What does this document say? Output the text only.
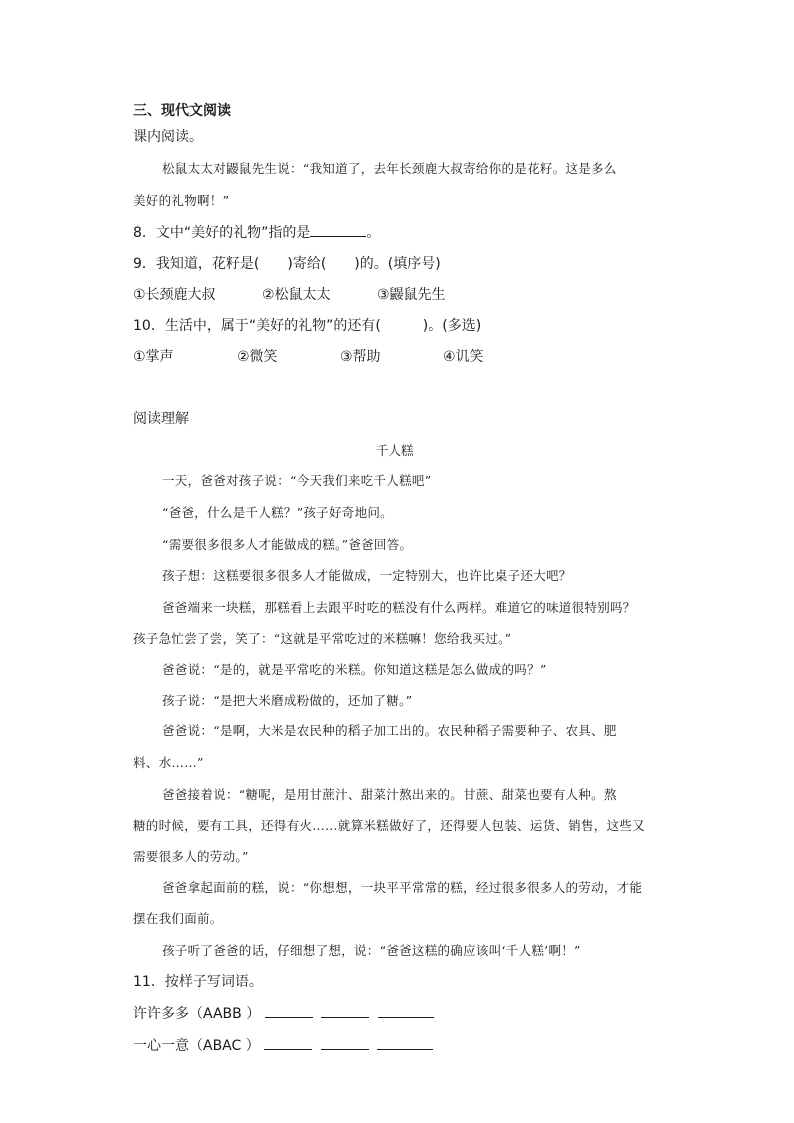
三、现代文阅读
课内阅读。
松鼠太太对鼹鼠先生说：“我知道了，去年长颈鹿大叔寄给你的是花籽。这是多么
美好的礼物啊！”
8．文中“美好的礼物”指的是	。
9．我知道，花籽是(　　)寄给(　　)的。(填序号)
①长颈鹿大叔	②松鼠太太	③鼹鼠先生
10．生活中，属于“美好的礼物”的还有(　　　)。(多选)
①掌声	②微笑	③帮助	④讥笑
阅读理解
千人糕
一天，爸爸对孩子说：“今天我们来吃千人糕吧”
“爸爸，什么是千人糕？”孩子好奇地问。
“需要很多很多人才能做成的糕。”爸爸回答。
孩子想：这糕要很多很多人才能做成，一定特别大，也许比桌子还大吧？
爸爸端来一块糕，那糕看上去跟平时吃的糕没有什么两样。难道它的味道很特别吗？
孩子急忙尝了尝，笑了：“这就是平常吃过的米糕嘛！您给我买过。”
爸爸说：“是的，就是平常吃的米糕。你知道这糕是怎么做成的吗？”
孩子说：“是把大米磨成粉做的，还加了糖。”
爸爸说：“是啊，大米是农民种的稻子加工出的。农民种稻子需要种子、农具、肥
料、水……”
爸爸接着说：“糖呢，是用甘蔗汁、甜菜汁熬出来的。甘蔗、甜菜也要有人种。熬
糖的时候，要有工具，还得有火……就算米糕做好了，还得要人包装、运货、销售，这些又
需要很多人的劳动。”
爸爸拿起面前的糕，说：“你想想，一块平平常常的糕，经过很多很多人的劳动，才能
摆在我们面前。
孩子听了爸爸的话，仔细想了想，说：“爸爸这糕的确应该叫‘千人糕’啊！”
11．按样子写词语。
许许多多（AABB ）
一心一意（ABAC ）
